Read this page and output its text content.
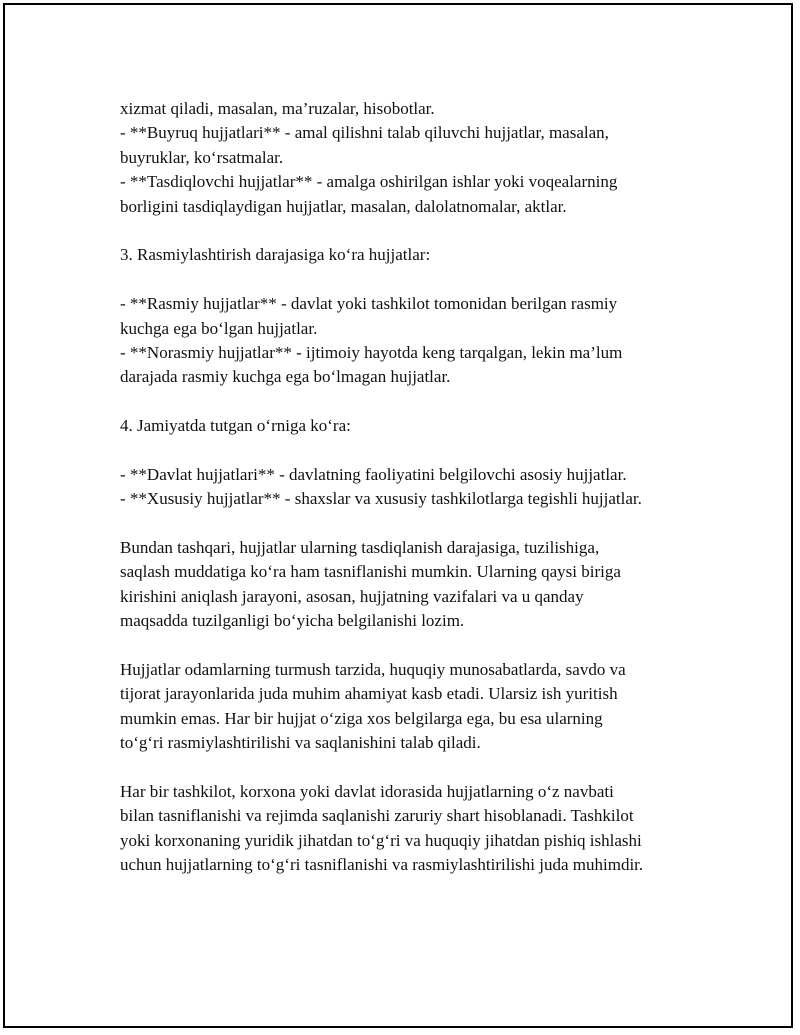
xizmat qiladi, masalan, ma’ruzalar, hisobotlar.
- **Buyruq hujjatlari** - amal qilishni talab qiluvchi hujjatlar, masalan,
buyruklar, ko‘rsatmalar.
- **Tasdiqlovchi hujjatlar** - amalga oshirilgan ishlar yoki voqealarning
borligini tasdiqlaydigan hujjatlar, masalan, dalolatnomalar, aktlar.
3. Rasmiylashtirish darajasiga ko‘ra hujjatlar:
- **Rasmiy hujjatlar** - davlat yoki tashkilot tomonidan berilgan rasmiy
kuchga ega bo‘lgan hujjatlar.
- **Norasmiy hujjatlar** - ijtimoiy hayotda keng tarqalgan, lekin ma’lum
darajada rasmiy kuchga ega bo‘lmagan hujjatlar.
4. Jamiyatda tutgan o‘rniga ko‘ra:
- **Davlat hujjatlari** - davlatning faoliyatini belgilovchi asosiy hujjatlar.
- **Xususiy hujjatlar** - shaxslar va xususiy tashkilotlarga tegishli hujjatlar.
Bundan tashqari, hujjatlar ularning tasdiqlanish darajasiga, tuzilishiga,
saqlash muddatiga ko‘ra ham tasniflanishi mumkin. Ularning qaysi biriga
kirishini aniqlash jarayoni, asosan, hujjatning vazifalari va u qanday
maqsadda tuzilganligi bo‘yicha belgilanishi lozim.
Hujjatlar odamlarning turmush tarzida, huquqiy munosabatlarda, savdo va
tijorat jarayonlarida juda muhim ahamiyat kasb etadi. Ularsiz ish yuritish
mumkin emas. Har bir hujjat o‘ziga xos belgilarga ega, bu esa ularning
to‘g‘ri rasmiylashtirilishi va saqlanishini talab qiladi.
Har bir tashkilot, korxona yoki davlat idorasida hujjatlarning o‘z navbati
bilan tasniflanishi va rejimda saqlanishi zaruriy shart hisoblanadi. Tashkilot
yoki korxonaning yuridik jihatdan to‘g‘ri va huquqiy jihatdan pishiq ishlashi
uchun hujjatlarning to‘g‘ri tasniflanishi va rasmiylashtirilishi juda muhimdir.
